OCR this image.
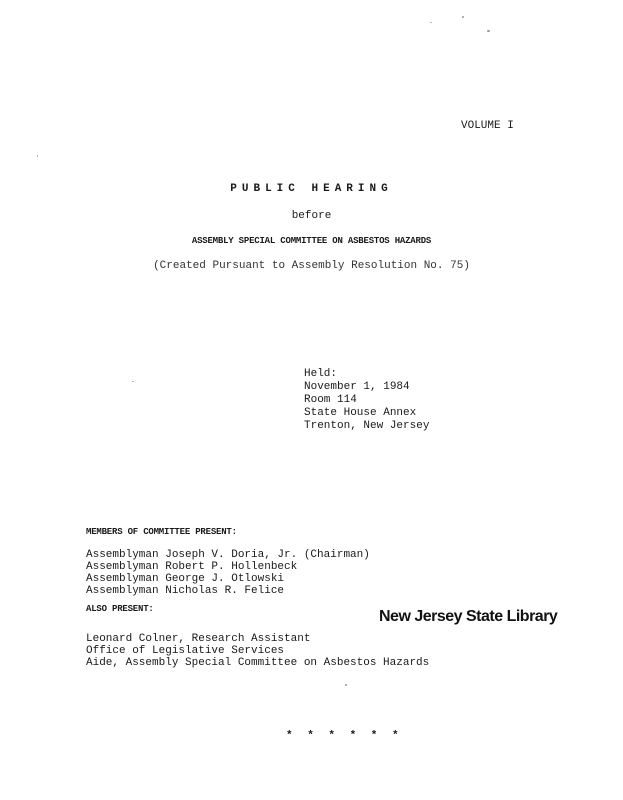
VOLUME I
PUBLIC HEARING
before
ASSEMBLY SPECIAL COMMITTEE ON ASBESTOS HAZARDS
(Created Pursuant to Assembly Resolution No. 75)
Held:
November 1, 1984
Room 114
State House Annex
Trenton, New Jersey
MEMBERS OF COMMITTEE PRESENT:
Assemblyman Joseph V. Doria, Jr. (Chairman)
Assemblyman Robert P. Hollenbeck
Assemblyman George J. Otlowski
Assemblyman Nicholas R. Felice
ALSO PRESENT:	New Jersey State Library
Leonard Colner, Research Assistant
Office of Legislative Services
Aide, Assembly Special Committee on Asbestos Hazards
* * * * * *
